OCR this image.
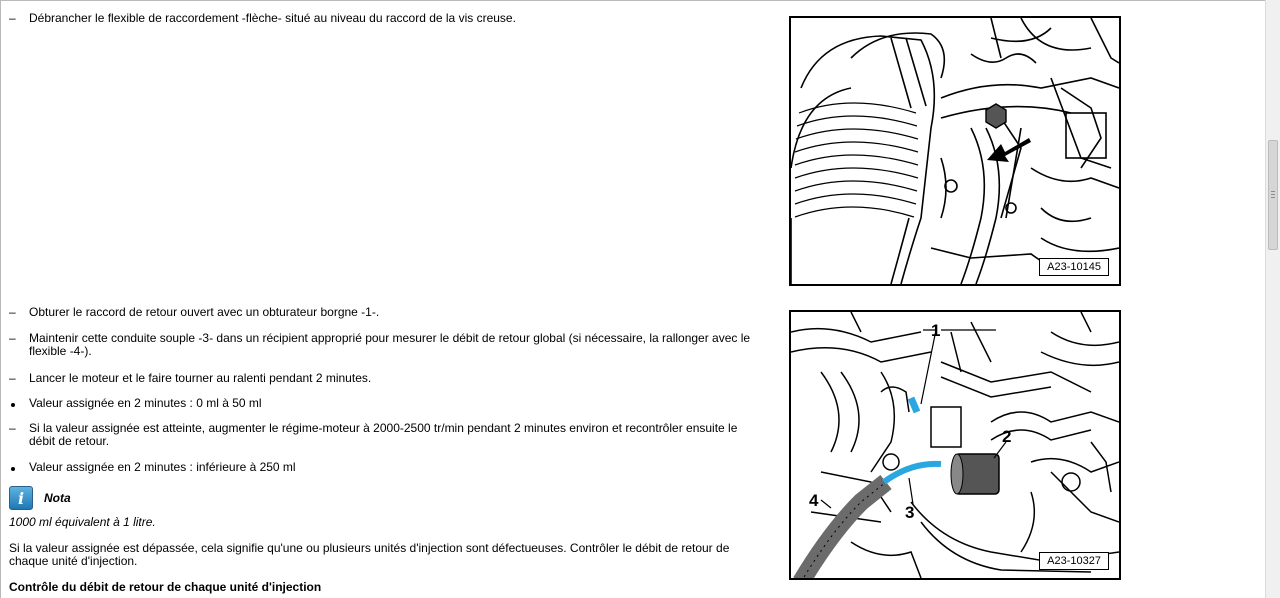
–	Débrancher le flexible de raccordement -flèche- situé au niveau du raccord de la vis creuse.
–	Obturer le raccord de retour ouvert avec un obturateur borgne -1-.
–	Maintenir cette conduite souple -3- dans un récipient approprié pour mesurer le débit de retour global (si nécessaire, la rallonger avec le flexible -4-).
–	Lancer le moteur et le faire tourner au ralenti pendant 2 minutes.
Valeur assignée en 2 minutes : 0 ml à 50 ml
–	Si la valeur assignée est atteinte, augmenter le régime-moteur à 2000-2500 tr/min pendant 2 minutes environ et recontrôler ensuite le débit de retour.
Valeur assignée en 2 minutes : inférieure à 250 ml
i	Nota
1000 ml équivalent à 1 litre.
Si la valeur assignée est dépassée, cela signifie qu'une ou plusieurs unités d'injection sont défectueuses. Contrôler le débit de retour de chaque unité d'injection.
Contrôle du débit de retour de chaque unité d'injection
A23-10145
1
2
3
4
A23-10327
